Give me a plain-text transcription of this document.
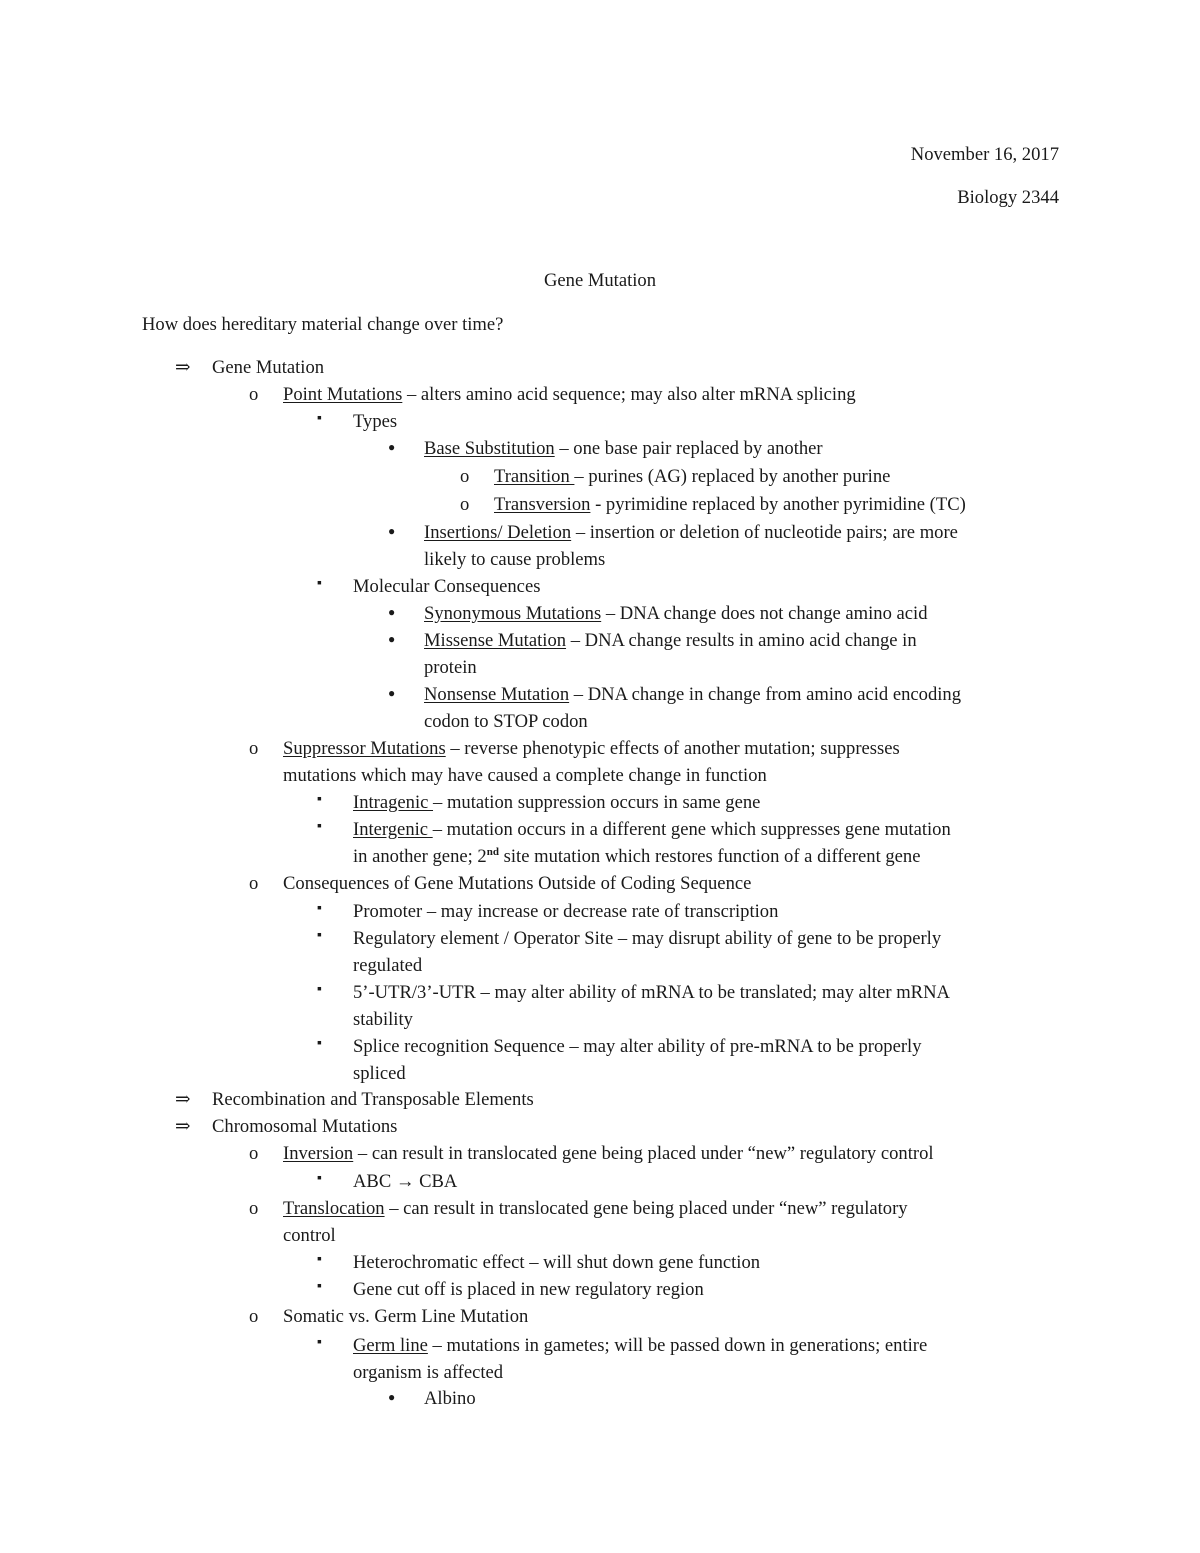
November 16, 2017
Biology 2344
Gene Mutation
How does hereditary material change over time?
⇒ Gene Mutation
o Point Mutations – alters amino acid sequence; may also alter mRNA splicing
▪ Types
● Base Substitution – one base pair replaced by another
o Transition – purines (AG) replaced by another purine
o Transversion - pyrimidine replaced by another pyrimidine (TC)
● Insertions/ Deletion – insertion or deletion of nucleotide pairs; are more
likely to cause problems
▪ Molecular Consequences
● Synonymous Mutations – DNA change does not change amino acid
● Missense Mutation – DNA change results in amino acid change in
protein
● Nonsense Mutation – DNA change in change from amino acid encoding
codon to STOP codon
o Suppressor Mutations – reverse phenotypic effects of another mutation; suppresses
mutations which may have caused a complete change in function
▪ Intragenic – mutation suppression occurs in same gene
▪ Intergenic – mutation occurs in a different gene which suppresses gene mutation
in another gene; 2nd site mutation which restores function of a different gene
o Consequences of Gene Mutations Outside of Coding Sequence
▪ Promoter – may increase or decrease rate of transcription
▪ Regulatory element / Operator Site – may disrupt ability of gene to be properly
regulated
▪ 5’-UTR/3’-UTR – may alter ability of mRNA to be translated; may alter mRNA
stability
▪ Splice recognition Sequence – may alter ability of pre-mRNA to be properly
spliced
⇒ Recombination and Transposable Elements
⇒ Chromosomal Mutations
o Inversion – can result in translocated gene being placed under “new” regulatory control
▪ ABC → CBA
o Translocation – can result in translocated gene being placed under “new” regulatory
control
▪ Heterochromatic effect – will shut down gene function
▪ Gene cut off is placed in new regulatory region
o Somatic vs. Germ Line Mutation
▪ Germ line – mutations in gametes; will be passed down in generations; entire
organism is affected
● Albino
